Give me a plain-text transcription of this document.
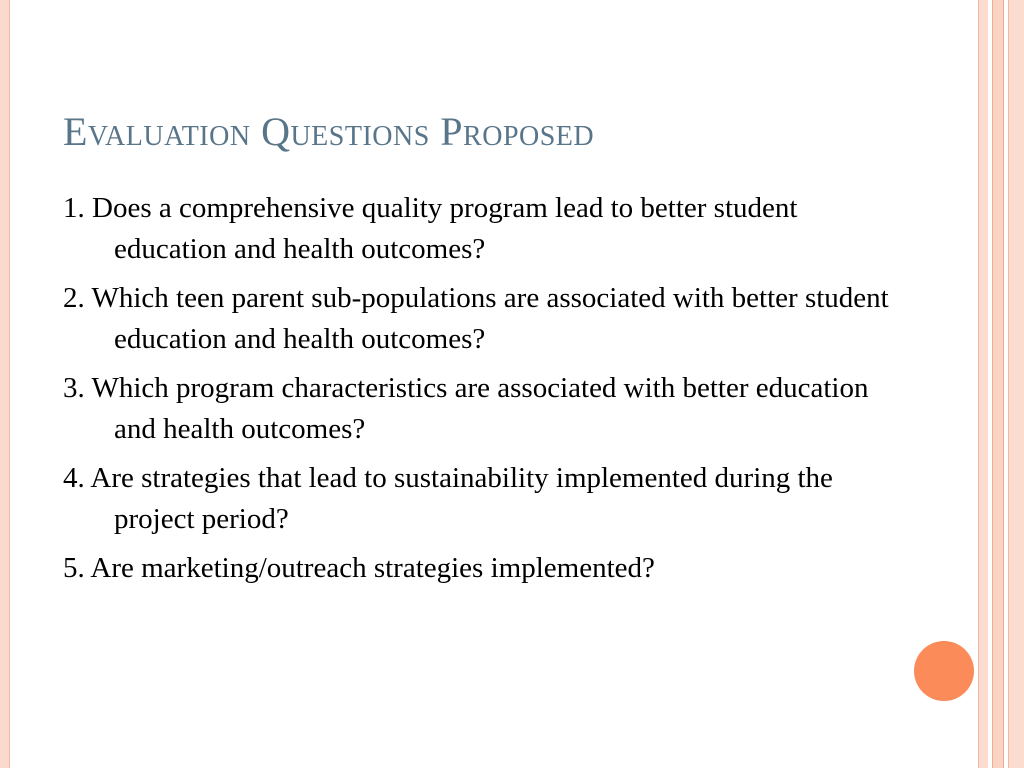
Evaluation Questions Proposed
1. Does a comprehensive quality program lead to better student education and health outcomes?
2. Which teen parent sub-populations are associated with better student education and health outcomes?
3. Which program characteristics are associated with better education and health outcomes?
4. Are strategies that lead to sustainability implemented during the project period?
5. Are marketing/outreach strategies implemented?
